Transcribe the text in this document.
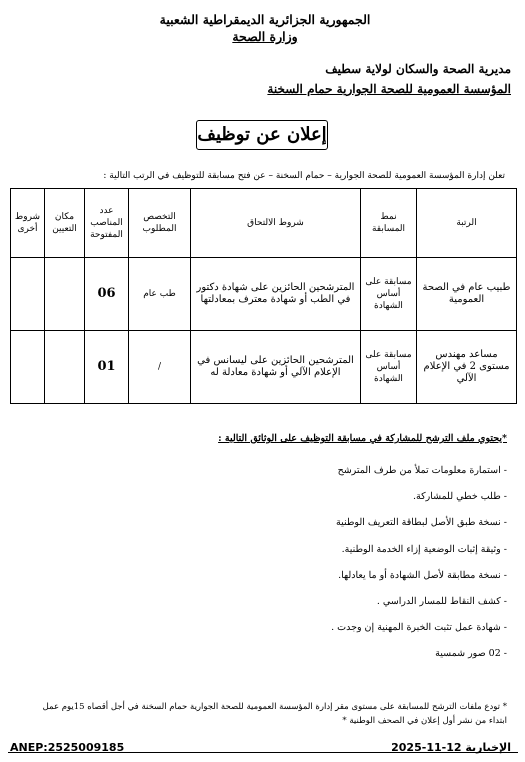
الجمهورية الجزائرية الديمقراطية الشعبية
وزارة الصحة
مديرية الصحة والسكان لولاية سطيف
المؤسسة العمومية للصحة الجوارية حمام السخنة
إعلان عن توظيف
تعلن إدارة المؤسسة العمومية للصحة الجوارية – حمام السخنة – عن فتح مسابقة للتوظيف في الرتب التالية :
الرتبة	نمط المسابقة	شروط الالتحاق	التخصص المطلوب	عدد المناصب المفتوحة	مكان التعيين	شروط أخرى
طبيب عام في الصحة العمومية	مسابقة على أساس الشهادة	المترشحين الحائزين على شهادة دكتور في الطب أو شهادة معترف بمعادلتها	طب عام	06		
مساعد مهندس مستوى 2 في الإعلام الآلي	مسابقة على أساس الشهادة	المترشحين الحائزين على ليسانس في الإعلام الآلي أو شهادة معادلة له	/	01		
*يحتوي ملف الترشح للمشاركة في مسابقة التوظيف على الوثائق التالية :
- استمارة معلومات تملأ من طرف المترشح
- طلب خطي للمشاركة.
- نسخة طبق الأصل لبطاقة التعريف الوطنية
- وثيقة إثبات الوضعية إزاء الخدمة الوطنية.
- نسخة مطابقة لأصل الشهادة أو ما يعادلها.
- كشف النقاط للمسار الدراسي .
- شهادة عمل تثبت الخبرة المهنية إن وجدت .
- 02 صور شمسية
* تودع ملفات الترشح للمسابقة على مستوى مقر إدارة المؤسسة العمومية للصحة الجوارية حمام السخنة في أجل أقصاه 15يوم عمل ابتداء من نشر أول إعلان في الصحف الوطنية *
ANEP:2525009185	الإخبارية 12-11-2025
